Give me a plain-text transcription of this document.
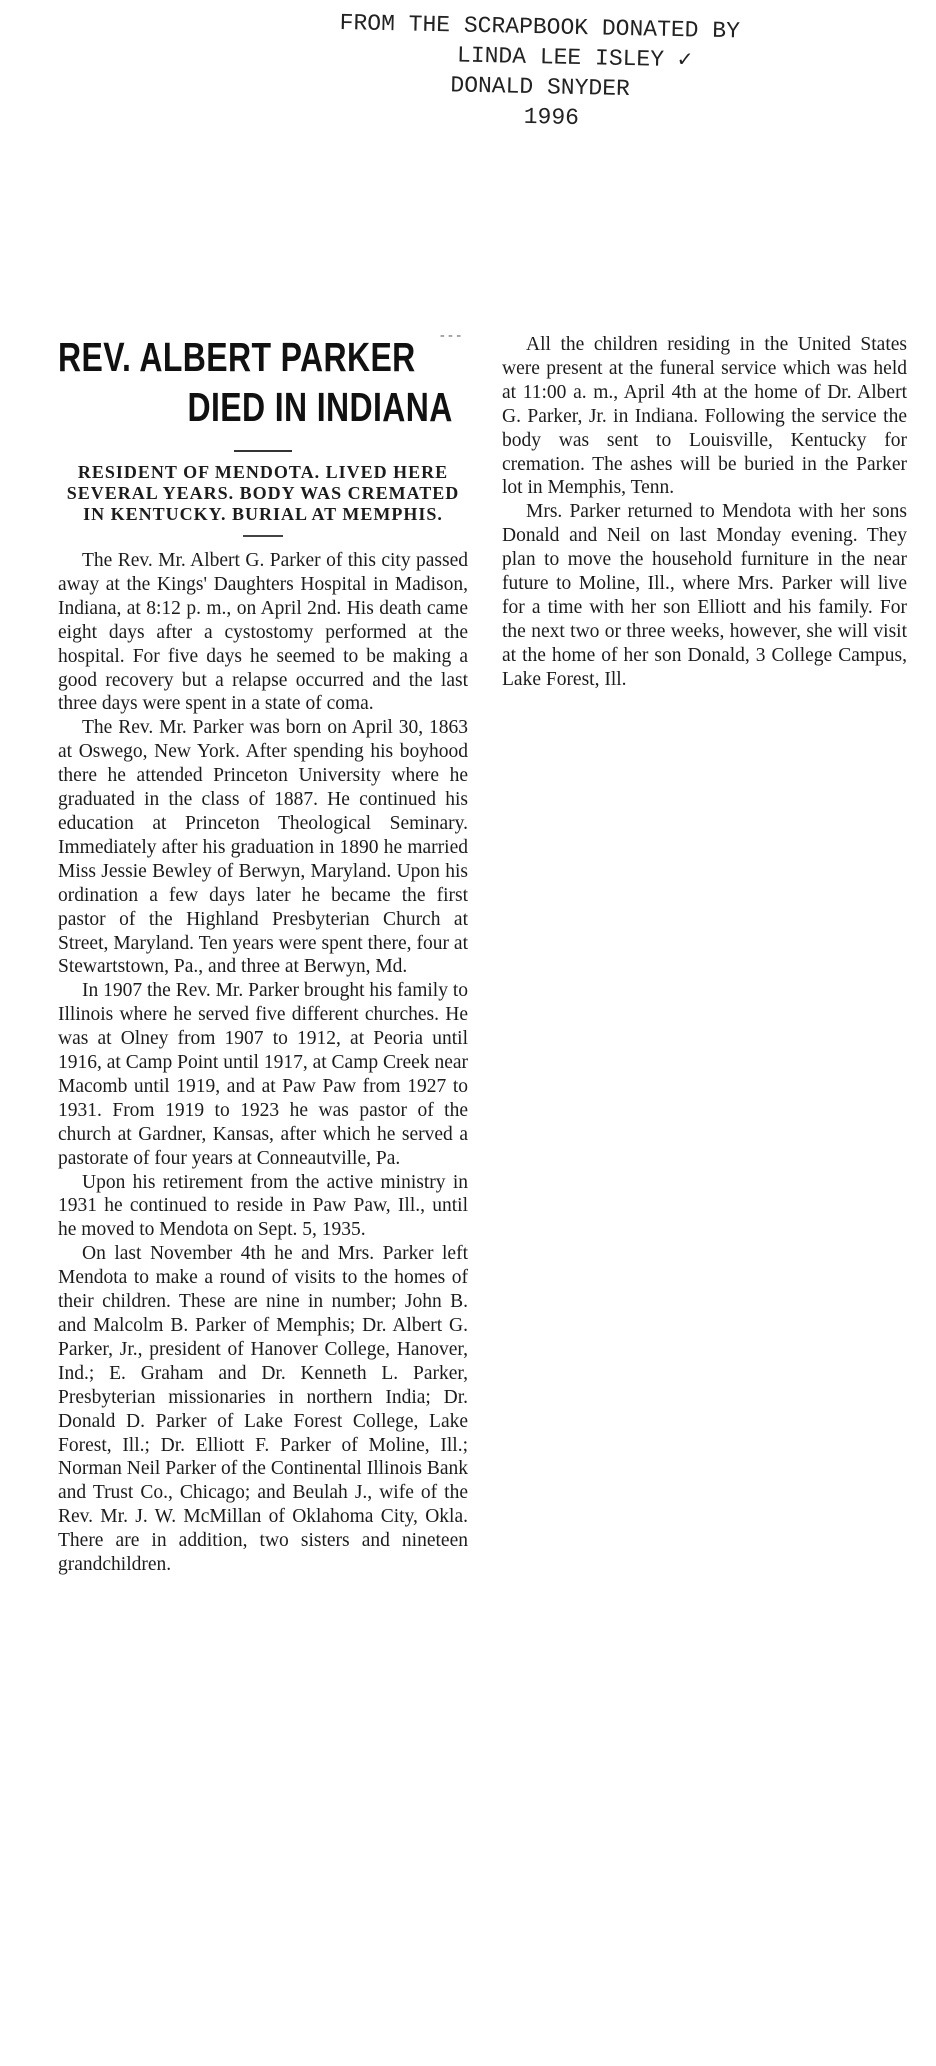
FROM THE SCRAPBOOK DONATED BY
LINDA LEE ISLEY ✓
DONALD SNYDER
1996
- - -
REV. ALBERT PARKER
DIED IN INDIANA
RESIDENT OF MENDOTA. LIVED HERE SEVERAL YEARS. BODY WAS CREMATED IN KENTUCKY. BURIAL AT MEMPHIS.

The Rev. Mr. Albert G. Parker of this city passed away at the Kings' Daughters Hospital in Madison, Indiana, at 8:12 p. m., on April 2nd. His death came eight days after a cystostomy performed at the hospital. For five days he seemed to be making a good recovery but a relapse occurred and the last three days were spent in a state of coma.

The Rev. Mr. Parker was born on April 30, 1863 at Oswego, New York. After spending his boyhood there he attended Princeton University where he graduated in the class of 1887. He continued his education at Princeton Theological Seminary. Immediately after his graduation in 1890 he married Miss Jessie Bewley of Berwyn, Maryland. Upon his ordination a few days later he became the first pastor of the Highland Presbyterian Church at Street, Maryland. Ten years were spent there, four at Stewartstown, Pa., and three at Berwyn, Md.

In 1907 the Rev. Mr. Parker brought his family to Illinois where he served five different churches. He was at Olney from 1907 to 1912, at Peoria until 1916, at Camp Point until 1917, at Camp Creek near Macomb until 1919, and at Paw Paw from 1927 to 1931. From 1919 to 1923 he was pastor of the church at Gardner, Kansas, after which he served a pastorate of four years at Conneautville, Pa.

Upon his retirement from the active ministry in 1931 he continued to reside in Paw Paw, Ill., until he moved to Mendota on Sept. 5, 1935.

On last November 4th he and Mrs. Parker left Mendota to make a round of visits to the homes of their children. These are nine in number; John B. and Malcolm B. Parker of Memphis; Dr. Albert G. Parker, Jr., president of Hanover College, Hanover, Ind.; E. Graham and Dr. Kenneth L. Parker, Presbyterian missionaries in northern India; Dr. Donald D. Parker of Lake Forest College, Lake Forest, Ill.; Dr. Elliott F. Parker of Moline, Ill.; Norman Neil Parker of the Continental Illinois Bank and Trust Co., Chicago; and Beulah J., wife of the Rev. Mr. J. W. McMillan of Oklahoma City, Okla. There are in addition, two sisters and nineteen grandchildren.

All the children residing in the United States were present at the funeral service which was held at 11:00 a. m., April 4th at the home of Dr. Albert G. Parker, Jr. in Indiana. Following the service the body was sent to Louisville, Kentucky for cremation. The ashes will be buried in the Parker lot in Memphis, Tenn.

Mrs. Parker returned to Mendota with her sons Donald and Neil on last Monday evening. They plan to move the household furniture in the near future to Moline, Ill., where Mrs. Parker will live for a time with her son Elliott and his family. For the next two or three weeks, however, she will visit at the home of her son Donald, 3 College Campus, Lake Forest, Ill.
